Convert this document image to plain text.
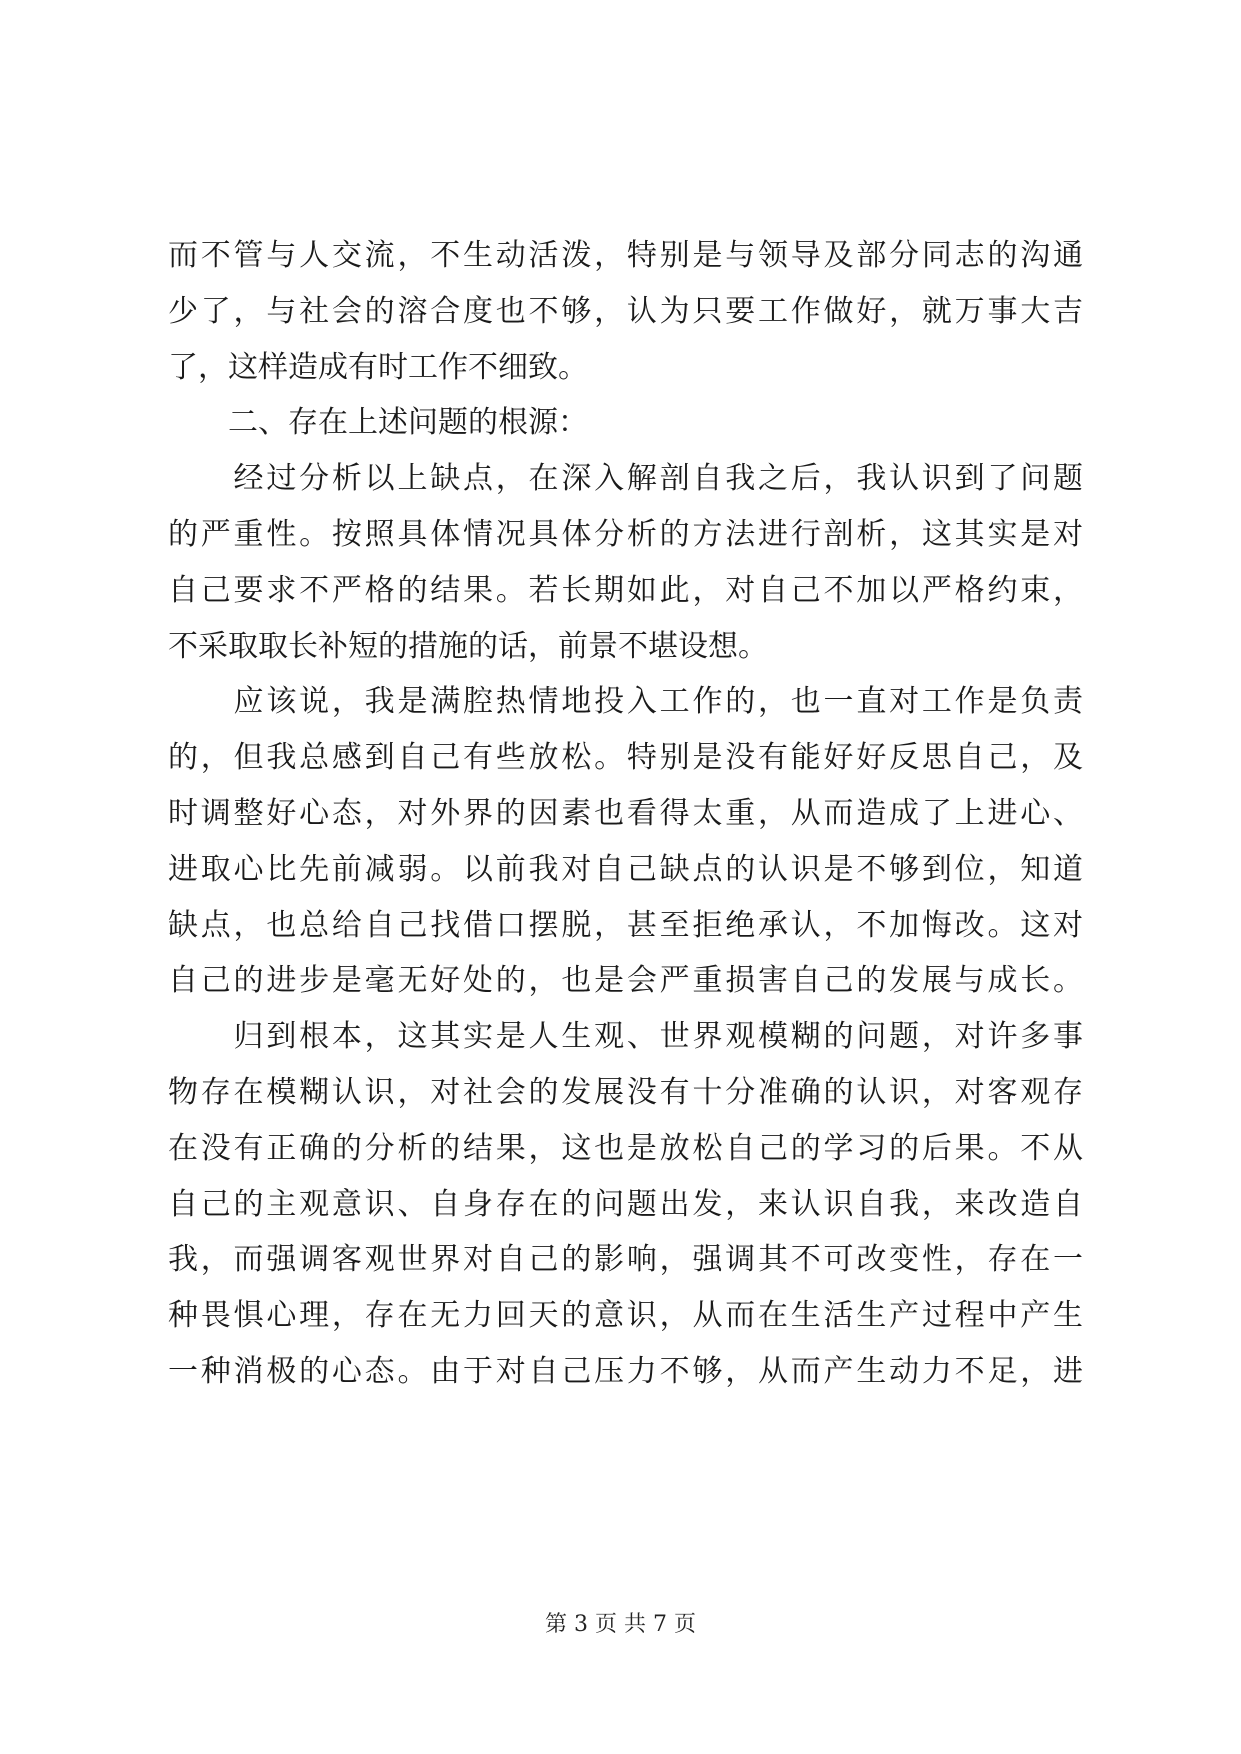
而不管与人交流，不生动活泼，特别是与领导及部分同志的沟通
少了，与社会的溶合度也不够，认为只要工作做好，就万事大吉
了，这样造成有时工作不细致。
　　二、存在上述问题的根源：
　　经过分析以上缺点，在深入解剖自我之后，我认识到了问题
的严重性。按照具体情况具体分析的方法进行剖析，这其实是对
自己要求不严格的结果。若长期如此，对自己不加以严格约束，
不采取取长补短的措施的话，前景不堪设想。
　　应该说，我是满腔热情地投入工作的，也一直对工作是负责
的，但我总感到自己有些放松。特别是没有能好好反思自己，及
时调整好心态，对外界的因素也看得太重，从而造成了上进心、
进取心比先前减弱。以前我对自己缺点的认识是不够到位，知道
缺点，也总给自己找借口摆脱，甚至拒绝承认，不加悔改。这对
自己的进步是毫无好处的，也是会严重损害自己的发展与成长。
　　归到根本，这其实是人生观、世界观模糊的问题，对许多事
物存在模糊认识，对社会的发展没有十分准确的认识，对客观存
在没有正确的分析的结果，这也是放松自己的学习的后果。不从
自己的主观意识、自身存在的问题出发，来认识自我，来改造自
我，而强调客观世界对自己的影响，强调其不可改变性，存在一
种畏惧心理，存在无力回天的意识，从而在生活生产过程中产生
一种消极的心态。由于对自己压力不够，从而产生动力不足，进
第 3 页 共 7 页
